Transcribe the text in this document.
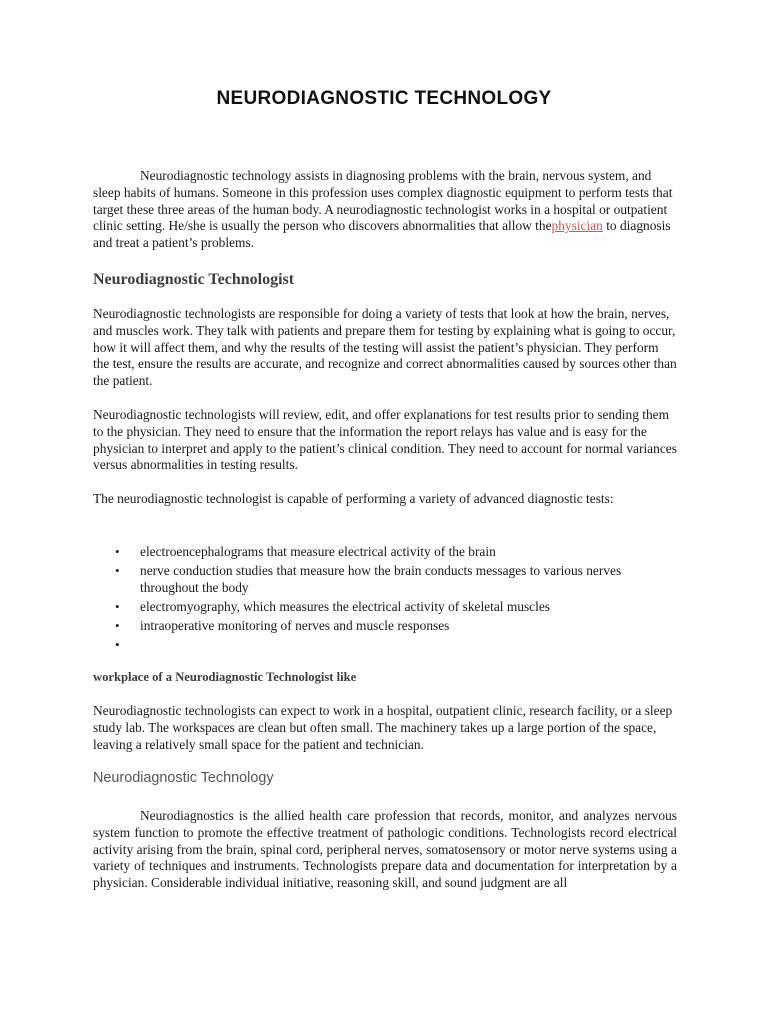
NEURODIAGNOSTIC TECHNOLOGY

Neurodiagnostic technology assists in diagnosing problems with the brain, nervous system, and sleep habits of humans. Someone in this profession uses complex diagnostic equipment to perform tests that target these three areas of the human body. A neurodiagnostic technologist works in a hospital or outpatient clinic setting. He/she is usually the person who discovers abnormalities that allow thephysician to diagnosis and treat a patient’s problems.

Neurodiagnostic Technologist

Neurodiagnostic technologists are responsible for doing a variety of tests that look at how the brain, nerves, and muscles work. They talk with patients and prepare them for testing by explaining what is going to occur, how it will affect them, and why the results of the testing will assist the patient’s physician. They perform the test, ensure the results are accurate, and recognize and correct abnormalities caused by sources other than the patient.

Neurodiagnostic technologists will review, edit, and offer explanations for test results prior to sending them to the physician. They need to ensure that the information the report relays has value and is easy for the physician to interpret and apply to the patient’s clinical condition. They need to account for normal variances versus abnormalities in testing results.

The neurodiagnostic technologist is capable of performing a variety of advanced diagnostic tests:

• electroencephalograms that measure electrical activity of the brain
• nerve conduction studies that measure how the brain conducts messages to various nerves throughout the body
• electromyography, which measures the electrical activity of skeletal muscles
• intraoperative monitoring of nerves and muscle responses
•
workplace of a Neurodiagnostic Technologist like

Neurodiagnostic technologists can expect to work in a hospital, outpatient clinic, research facility, or a sleep study lab. The workspaces are clean but often small. The machinery takes up a large portion of the space, leaving a relatively small space for the patient and technician.

Neurodiagnostic Technology

Neurodiagnostics is the allied health care profession that records, monitor, and analyzes nervous system function to promote the effective treatment of pathologic conditions. Technologists record electrical activity arising from the brain, spinal cord, peripheral nerves, somatosensory or motor nerve systems using a variety of techniques and instruments. Technologists prepare data and documentation for interpretation by a physician. Considerable individual initiative, reasoning skill, and sound judgment are all
